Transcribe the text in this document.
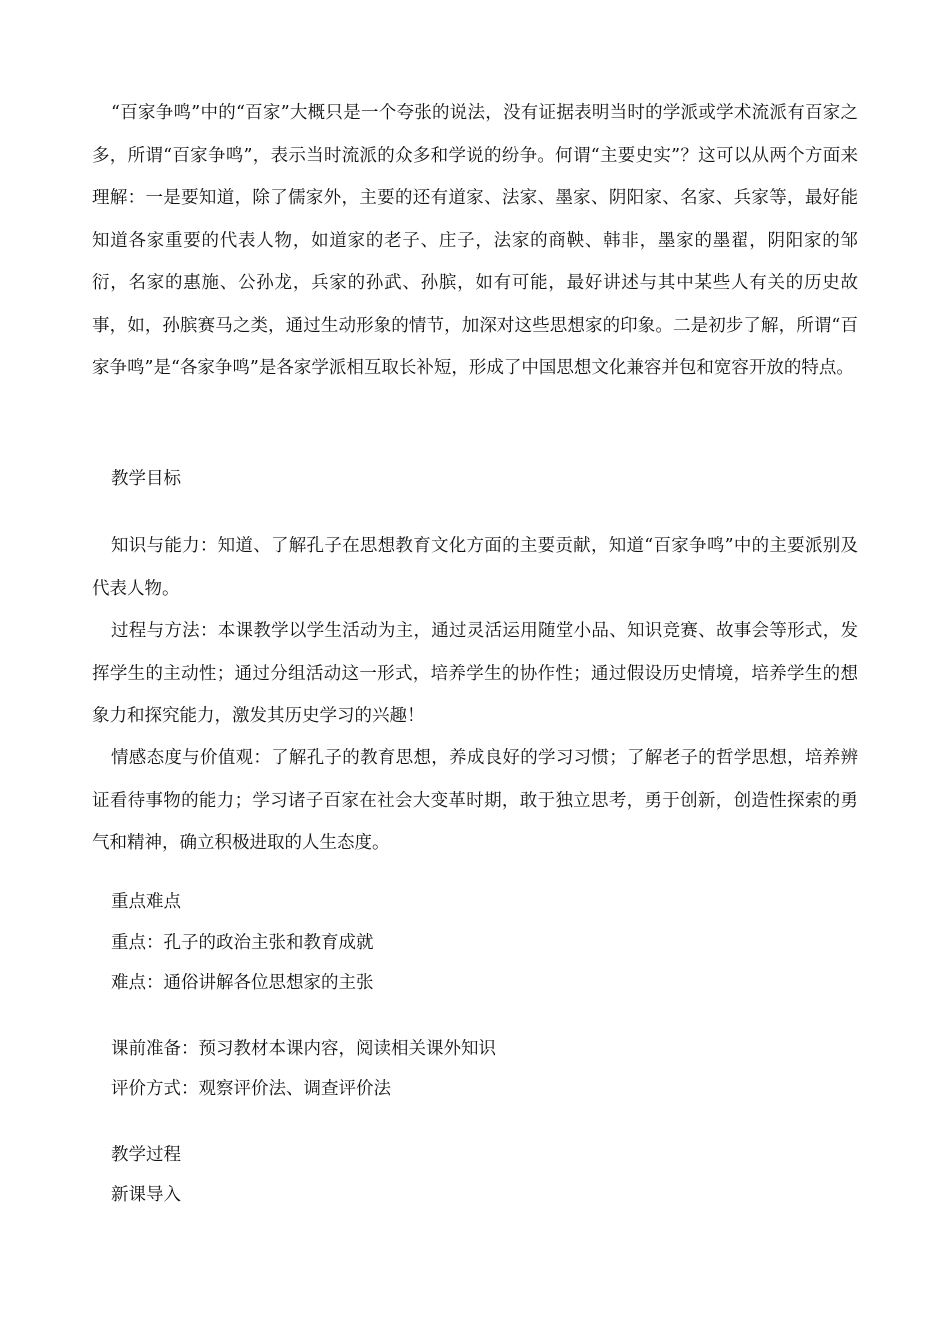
“百家争鸣”中的“百家”大概只是一个夸张的说法，没有证据表明当时的学派或学术流派有百家之多，所谓“百家争鸣”，表示当时流派的众多和学说的纷争。何谓“主要史实”？这可以从两个方面来理解：一是要知道，除了儒家外，主要的还有道家、法家、墨家、阴阳家、名家、兵家等，最好能知道各家重要的代表人物，如道家的老子、庄子，法家的商鞅、韩非，墨家的墨翟，阴阳家的邹衍，名家的惠施、公孙龙，兵家的孙武、孙膑，如有可能，最好讲述与其中某些人有关的历史故事，如，孙膑赛马之类，通过生动形象的情节，加深对这些思想家的印象。二是初步了解，所谓“百家争鸣”是“各家争鸣”是各家学派相互取长补短，形成了中国思想文化兼容并包和宽容开放的特点。

教学目标

知识与能力：知道、了解孔子在思想教育文化方面的主要贡献，知道“百家争鸣”中的主要派别及代表人物。

过程与方法：本课教学以学生活动为主，通过灵活运用随堂小品、知识竞赛、故事会等形式，发挥学生的主动性；通过分组活动这一形式，培养学生的协作性；通过假设历史情境，培养学生的想象力和探究能力，激发其历史学习的兴趣！

情感态度与价值观：了解孔子的教育思想，养成良好的学习习惯；了解老子的哲学思想，培养辨证看待事物的能力；学习诸子百家在社会大变革时期，敢于独立思考，勇于创新，创造性探索的勇气和精神，确立积极进取的人生态度。

重点难点

重点：孔子的政治主张和教育成就

难点：通俗讲解各位思想家的主张

课前准备：预习教材本课内容，阅读相关课外知识

评价方式：观察评价法、调查评价法

教学过程

新课导入
